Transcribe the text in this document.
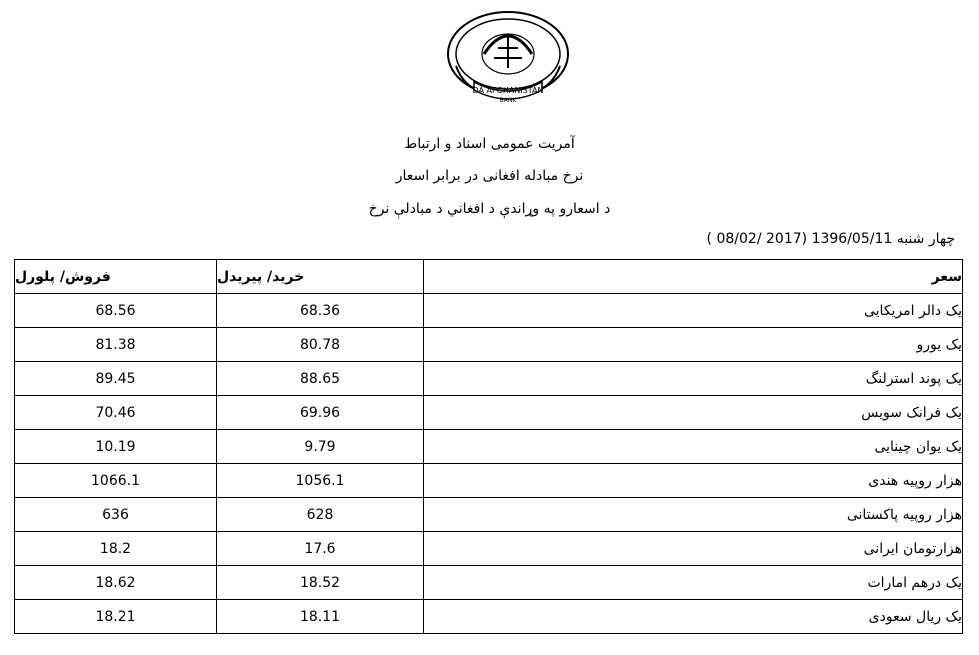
DA AFGHANISTAN
BANK
آمریت عمومی اسناد و ارتباط
نرخ مبادله افغانی در برابر اسعار
د اسعارو په وړاندې د افغاني د مبادلې نرخ
چهار شنبه 1396/05/11 (2017 /08/02 )
فروش/ پلورل	خرید/ پیریدل	سعر
68.56	68.36	یک دالر امریکایی
81.38	80.78	یک یورو
89.45	88.65	یک پوند استرلنگ
70.46	69.96	یک فرانک سویس
10.19	9.79	یک یوان چینایی
1066.1	1056.1	هزار روپیه هندی
636	628	هزار روپیه پاکستانی
18.2	17.6	هزارتومان ایرانی
18.62	18.52	یک درهم امارات
18.21	18.11	یک ریال سعودی
